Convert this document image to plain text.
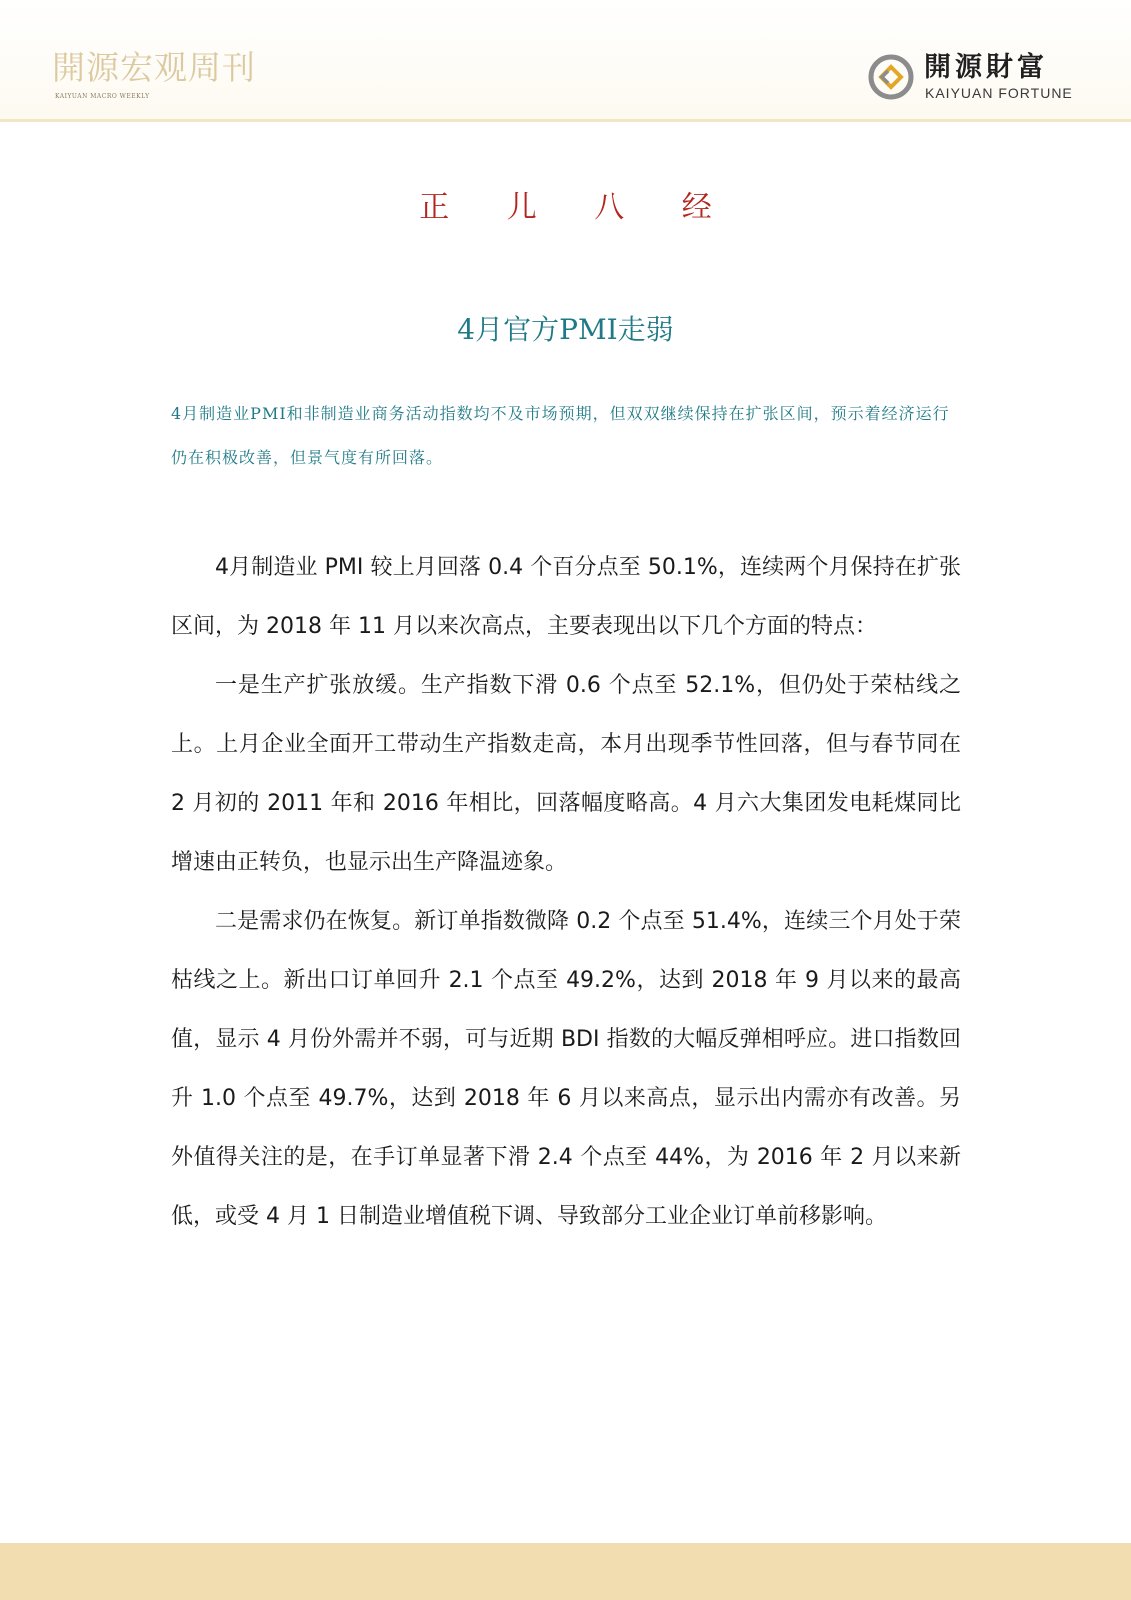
開源宏观周刊
KAIYUAN MACRO WEEKLY
開源財富
KAIYUAN FORTUNE
正 儿 八 经
4月官方PMI走弱
4月制造业PMI和非制造业商务活动指数均不及市场预期，但双双继续保持在扩张区间，预示着经济运行仍在积极改善，但景气度有所回落。

4月制造业 PMI 较上月回落 0.4 个百分点至 50.1%，连续两个月保持在扩张区间，为 2018 年 11 月以来次高点，主要表现出以下几个方面的特点：

一是生产扩张放缓。生产指数下滑 0.6 个点至 52.1%，但仍处于荣枯线之上。上月企业全面开工带动生产指数走高，本月出现季节性回落，但与春节同在 2 月初的 2011 年和 2016 年相比，回落幅度略高。4 月六大集团发电耗煤同比增速由正转负，也显示出生产降温迹象。

二是需求仍在恢复。新订单指数微降 0.2 个点至 51.4%，连续三个月处于荣枯线之上。新出口订单回升 2.1 个点至 49.2%，达到 2018 年 9 月以来的最高值，显示 4 月份外需并不弱，可与近期 BDI 指数的大幅反弹相呼应。进口指数回升 1.0 个点至 49.7%，达到 2018 年 6 月以来高点，显示出内需亦有改善。另外值得关注的是，在手订单显著下滑 2.4 个点至 44%，为 2016 年 2 月以来新低，或受 4 月 1 日制造业增值税下调、导致部分工业企业订单前移影响。
